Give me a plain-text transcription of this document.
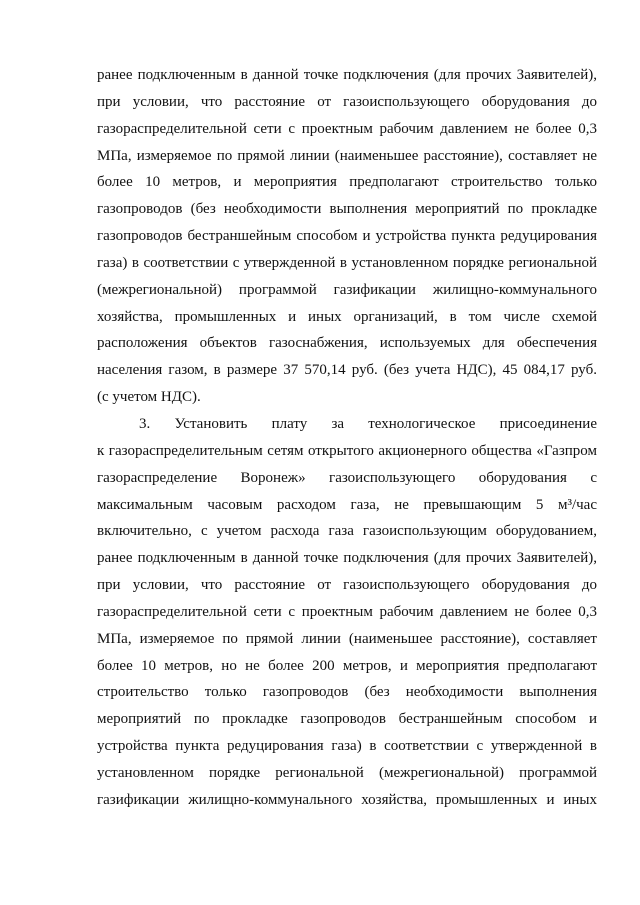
ранее подключенным в данной точке подключения (для прочих Заявителей),
при условии, что расстояние от газоиспользующего оборудования до
газораспределительной сети с проектным рабочим давлением не более 0,3
МПа, измеряемое по прямой линии (наименьшее расстояние), составляет не
более 10 метров, и мероприятия предполагают строительство только
газопроводов (без необходимости выполнения мероприятий по прокладке
газопроводов бестраншейным способом и устройства пункта редуцирования
газа) в соответствии с утвержденной в установленном порядке региональной
(межрегиональной) программой газификации жилищно-коммунального
хозяйства, промышленных и иных организаций, в том числе схемой
расположения объектов газоснабжения, используемых для обеспечения
населения газом, в размере 37 570,14 руб. (без учета НДС), 45 084,17 руб.
(с учетом НДС).
3. Установить плату за технологическое присоединение
к газораспределительным сетям открытого акционерного общества «Газпром
газораспределение Воронеж» газоиспользующего оборудования с
максимальным часовым расходом газа, не превышающим 5 м³/час
включительно, с учетом расхода газа газоиспользующим оборудованием,
ранее подключенным в данной точке подключения (для прочих Заявителей),
при условии, что расстояние от газоиспользующего оборудования до
газораспределительной сети с проектным рабочим давлением не более 0,3
МПа, измеряемое по прямой линии (наименьшее расстояние), составляет
более 10 метров, но не более 200 метров, и мероприятия предполагают
строительство только газопроводов (без необходимости выполнения
мероприятий по прокладке газопроводов бестраншейным способом и
устройства пункта редуцирования газа) в соответствии с утвержденной в
установленном порядке региональной (межрегиональной) программой
газификации жилищно-коммунального хозяйства, промышленных и иных
